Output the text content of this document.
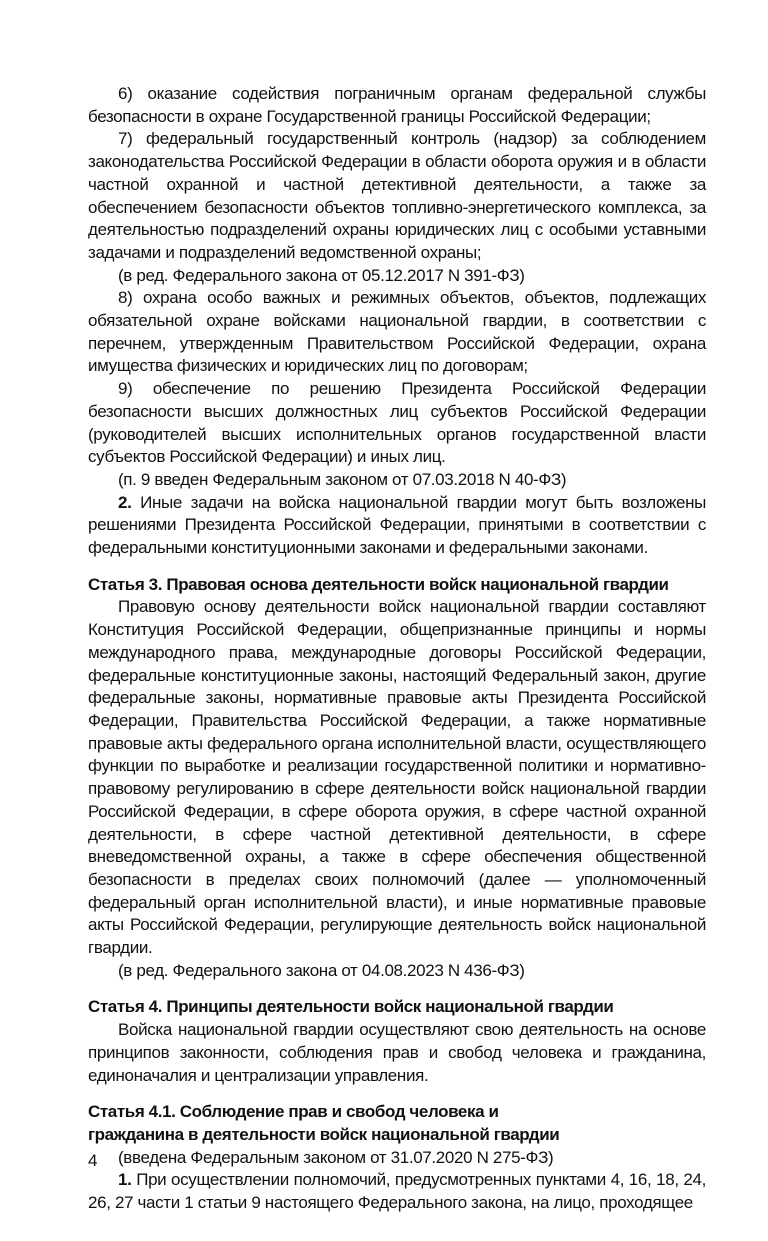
6) оказание содействия пограничным органам федеральной службы безопасности в охране Государственной границы Российской Федерации;

7) федеральный государственный контроль (надзор) за соблюдением законодательства Российской Федерации в области оборота оружия и в области частной охранной и частной детективной деятельности, а также за обеспечением безопасности объектов топливно-энергетического комплекса, за деятельностью подразделений охраны юридических лиц с особыми уставными задачами и подразделений ведомственной охраны;

(в ред. Федерального закона от 05.12.2017 N 391-ФЗ)

8) охрана особо важных и режимных объектов, объектов, подлежащих обязательной охране войсками национальной гвардии, в соответствии с перечнем, утвержденным Правительством Российской Федерации, охрана имущества физических и юридических лиц по договорам;

9) обеспечение по решению Президента Российской Федерации безопасности высших должностных лиц субъектов Российской Федерации (руководителей высших исполнительных органов государственной власти субъектов Российской Федерации) и иных лиц.

(п. 9 введен Федеральным законом от 07.03.2018 N 40-ФЗ)

2. Иные задачи на войска национальной гвардии могут быть возложены решениями Президента Российской Федерации, принятыми в соответствии с федеральными конституционными законами и федеральными законами.

Статья 3. Правовая основа деятельности войск национальной гвардии

Правовую основу деятельности войск национальной гвардии составляют Конституция Российской Федерации, общепризнанные принципы и нормы международного права, международные договоры Российской Федерации, федеральные конституционные законы, настоящий Федеральный закон, другие федеральные законы, нормативные правовые акты Президента Российской Федерации, Правительства Российской Федерации, а также нормативные правовые акты федерального органа исполнительной власти, осуществляющего функции по выработке и реализации государственной политики и нормативно-правовому регулированию в сфере деятельности войск национальной гвардии Российской Федерации, в сфере оборота оружия, в сфере частной охранной деятельности, в сфере частной детективной деятельности, в сфере вневедомственной охраны, а также в сфере обеспечения общественной безопасности в пределах своих полномочий (далее — уполномоченный федеральный орган исполнительной власти), и иные нормативные правовые акты Российской Федерации, регулирующие деятельность войск национальной гвардии.

(в ред. Федерального закона от 04.08.2023 N 436-ФЗ)

Статья 4. Принципы деятельности войск национальной гвардии

Войска национальной гвардии осуществляют свою деятельность на основе принципов законности, соблюдения прав и свобод человека и гражданина, единоначалия и централизации управления.

Статья 4.1. Соблюдение прав и свобод человека и гражданина в деятельности войск национальной гвардии

(введена Федеральным законом от 31.07.2020 N 275-ФЗ)

1. При осуществлении полномочий, предусмотренных пунктами 4, 16, 18, 24, 26, 27 части 1 статьи 9 настоящего Федерального закона, на лицо, проходящее

4
